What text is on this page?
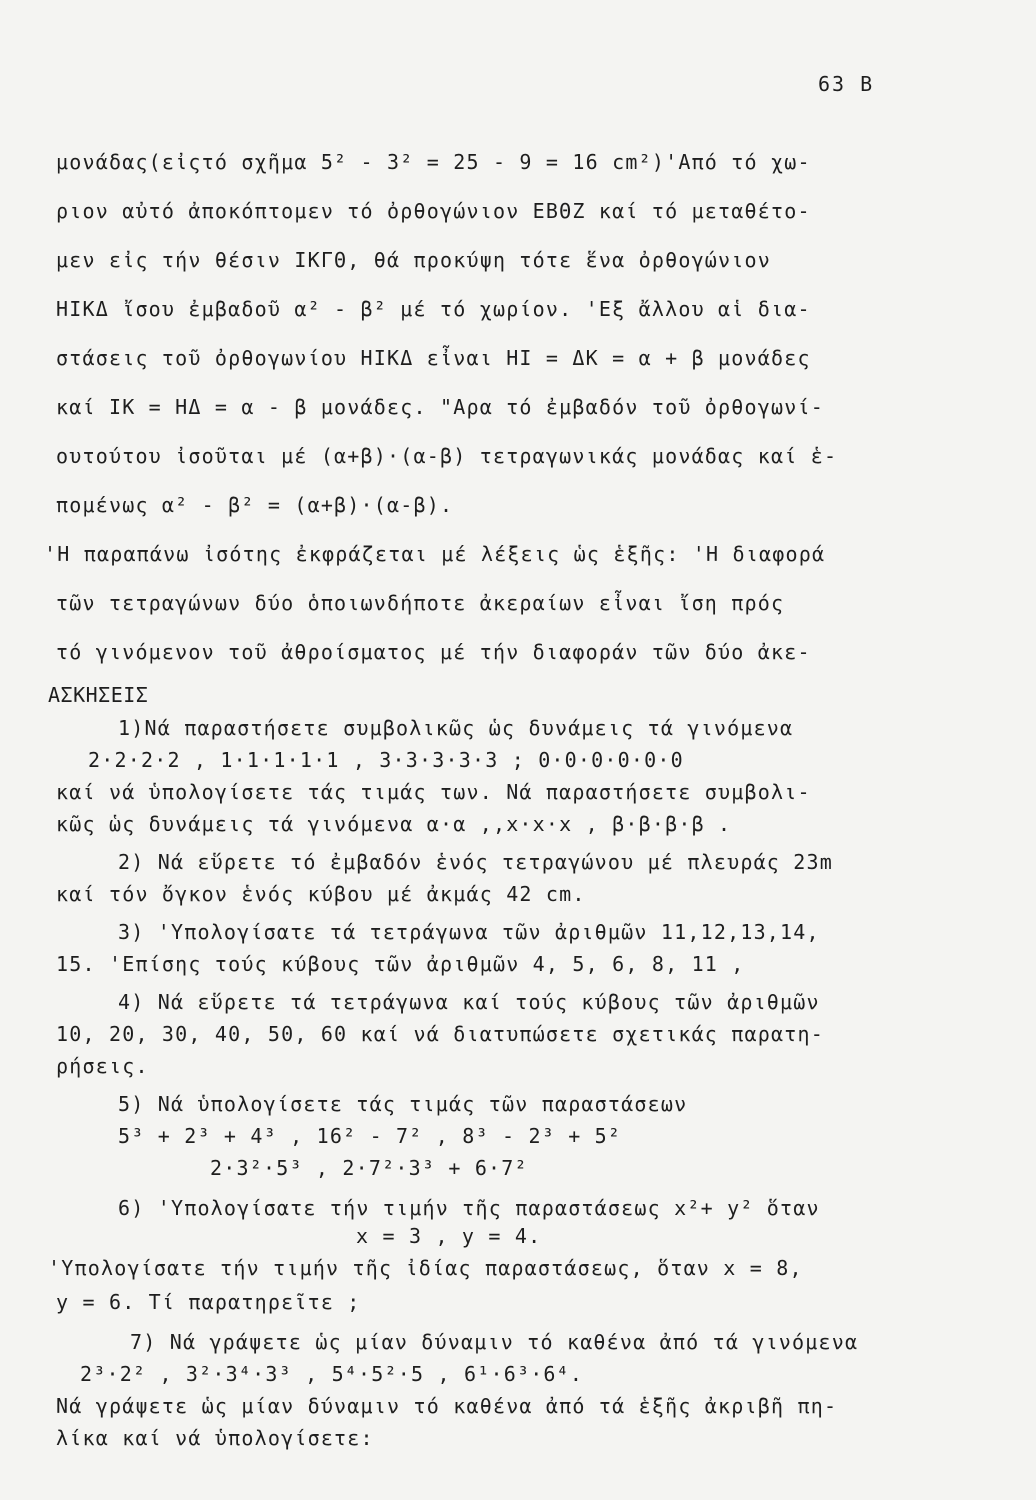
63 Β
μονάδας(εἰςτό σχῆμα 5² - 3² = 25 - 9 = 16 cm²)'Από τό χω-
ριον αὐτό ἀποκόπτομεν τό ὀρθογώνιον ΕΒΘΖ καί τό μεταθέτο-
μεν εἰς τήν θέσιν ΙΚΓΘ, θά προκύψη τότε ἕνα ὀρθογώνιον
ΗΙΚΔ ἴσου ἐμβαδοῦ α² - β² μέ τό χωρίον. 'Εξ ἄλλου αἱ δια-
στάσεις τοῦ ὀρθογωνίου ΗΙΚΔ εἶναι ΗΙ = ΔΚ = α + β μονάδες
καί ΙΚ = ΗΔ = α - β μονάδες. "Αρα τό ἐμβαδόν τοῦ ὀρθογωνί-
ουτούτου ἰσοῦται μέ (α+β)·(α-β) τετραγωνικάς μονάδας καί ἑ-
πομένως α² - β² = (α+β)·(α-β).
'Η παραπάνω ἰσότης ἐκφράζεται μέ λέξεις ὡς ἑξῆς: 'Η διαφορά
τῶν τετραγώνων δύο ὁποιωνδήποτε ἀκεραίων εἶναι ἴση πρός
τό γινόμενον τοῦ ἀθροίσματος μέ τήν διαφοράν τῶν δύο ἀκε-
ΑΣΚΗΣΕΙΣ
1)Νά παραστήσετε συμβολικῶς ὡς δυνάμεις τά γινόμενα
2·2·2·2 , 1·1·1·1·1 , 3·3·3·3·3 ; 0·0·0·0·0·0
καί νά ὑπολογίσετε τάς τιμάς των. Νά παραστήσετε συμβολι-
κῶς ὡς δυνάμεις τά γινόμενα α·α ,,x·x·x , β·β·β·β .
2) Νά εὕρετε τό ἐμβαδόν ἑνός τετραγώνου μέ πλευράς 23m
καί τόν ὄγκον ἑνός κύβου μέ ἀκμάς 42 cm.
3) 'Υπολογίσατε τά τετράγωνα τῶν ἀριθμῶν 11,12,13,14,
15. 'Επίσης τούς κύβους τῶν ἀριθμῶν 4, 5, 6, 8, 11 ,
4) Νά εὕρετε τά τετράγωνα καί τούς κύβους τῶν ἀριθμῶν
10, 20, 30, 40, 50, 60 καί νά διατυπώσετε σχετικάς παρατη-
ρήσεις.
5) Νά ὑπολογίσετε τάς τιμάς τῶν παραστάσεων
5³ + 2³ + 4³ , 16² - 7² , 8³ - 2³ + 5²
2·3²·5³ , 2·7²·3³ + 6·7²
6) 'Υπολογίσατε τήν τιμήν τῆς παραστάσεως x²+ y² ὅταν
x = 3 , y = 4.
'Υπολογίσατε τήν τιμήν τῆς ἰδίας παραστάσεως, ὅταν x = 8,
y = 6. Τί παρατηρεῖτε ;
7) Νά γράψετε ὡς μίαν δύναμιν τό καθένα ἀπό τά γινόμενα
2³·2² , 3²·3⁴·3³ , 5⁴·5²·5 , 6¹·6³·6⁴.
Νά γράψετε ὡς μίαν δύναμιν τό καθένα ἀπό τά ἑξῆς ἀκριβῆ πη-
λίκα καί νά ὑπολογίσετε:
